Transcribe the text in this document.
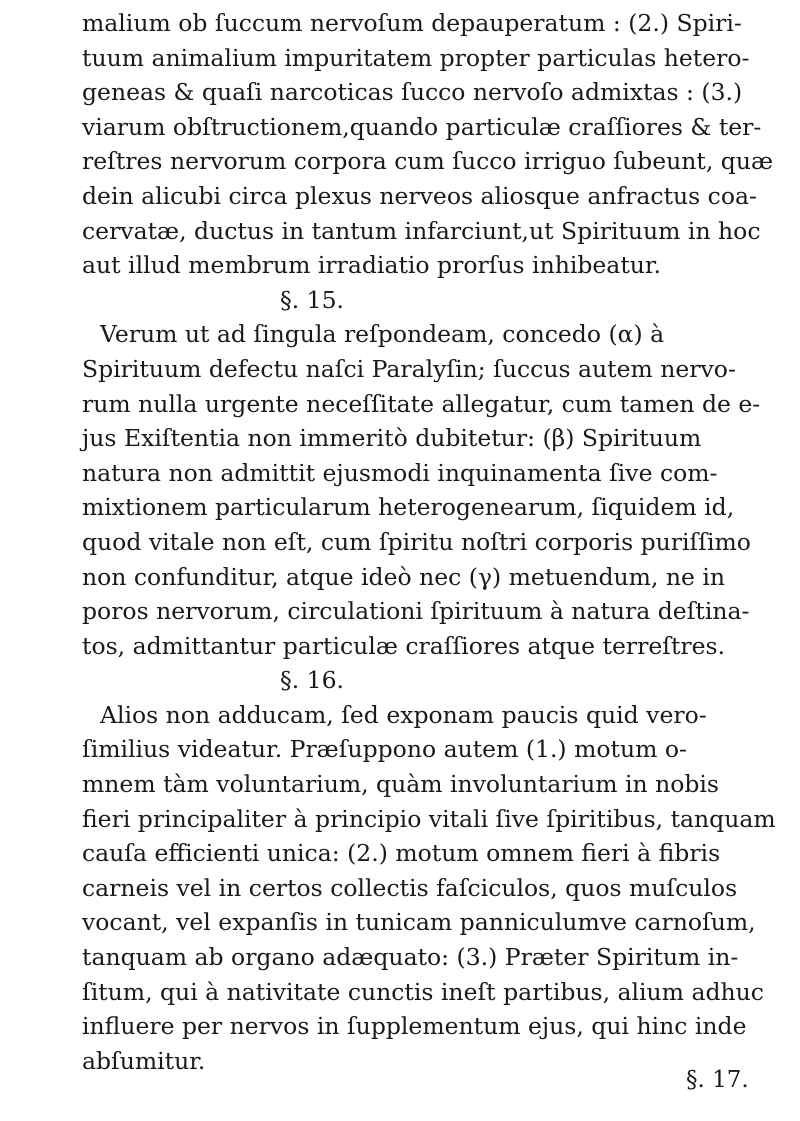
malium ob ſuccum nervoſum depauperatum : (2.) Spiri-
tuum animalium impuritatem propter particulas hetero-
geneas & quaſi narcoticas ſucco nervoſo admixtas : (3.)
viarum obſtructionem,quando particulæ craſſiores & ter-
reſtres nervorum corpora cum ſucco irriguo ſubeunt, quæ
dein alicubi circa plexus nerveos aliosque anfractus coa-
cervatæ, ductus in tantum infarciunt,ut Spirituum in hoc
aut illud membrum irradiatio prorſus inhibeatur.
§. 15.
Verum ut ad ſingula reſpondeam, concedo (α) à
Spirituum defectu naſci Paralyſin; ſuccus autem nervo-
rum nulla urgente neceſſitate allegatur, cum tamen de e-
jus Exiſtentia non immeritò dubitetur: (β) Spirituum
natura non admittit ejusmodi inquinamenta ſive com-
mixtionem particularum heterogenearum, ſiquidem id,
quod vitale non eſt, cum ſpiritu noſtri corporis puriſſimo
non confunditur, atque ideò nec (γ) metuendum, ne in
poros nervorum, circulationi ſpirituum à natura deſtina-
tos, admittantur particulæ craſſiores atque terreſtres.
§. 16.
Alios non adducam, ſed exponam paucis quid vero-
ſimilius videatur. Præſuppono autem (1.) motum o-
mnem tàm voluntarium, quàm involuntarium in nobis
fieri principaliter à principio vitali ſive ſpiritibus, tanquam
cauſa efficienti unica: (2.) motum omnem fieri à fibris
carneis vel in certos collectis faſciculos, quos muſculos
vocant, vel expanſis in tunicam panniculumve carnoſum,
tanquam ab organo adæquato: (3.) Præter Spiritum in-
ſitum, qui à nativitate cunctis ineſt partibus, alium adhuc
influere per nervos in ſupplementum ejus, qui hinc inde
abſumitur.
§. 17.
